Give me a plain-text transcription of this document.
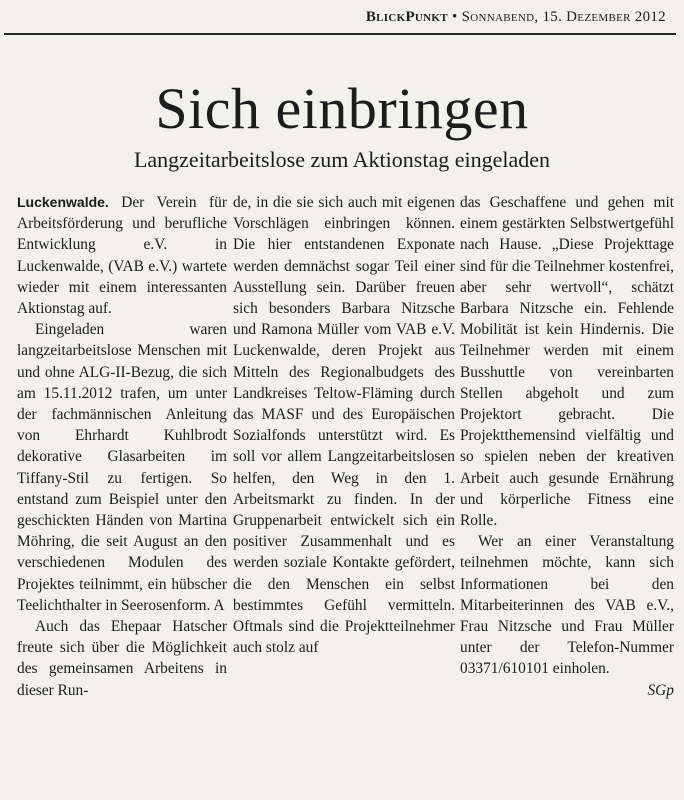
BlickPunkt • Sonnabend, 15. Dezember 2012
Sich einbringen
Langzeitarbeitslose zum Aktionstag eingeladen

Luckenwalde. Der Verein für Arbeitsförderung und berufliche Entwicklung e.V. in Luckenwalde, (VAB e.V.) wartete wieder mit einem interessanten Aktionstag auf.

Eingeladen waren langzeitarbeitslose Menschen mit und ohne ALG-II-Bezug, die sich am 15.11.2012 trafen, um unter der fachmännischen Anleitung von Ehrhardt Kuhlbrodt dekorative Glasarbeiten im Tiffany-Stil zu fertigen. So entstand zum Beispiel unter den geschickten Händen von Martina Möhring, die seit August an den verschiedenen Modulen des Projektes teilnimmt, ein hübscher Teelichthalter in Seerosenform. A

Auch das Ehepaar Hatscher freute sich über die Möglichkeit des gemeinsamen Arbeitens in dieser Run-

de, in die sie sich auch mit eigenen Vorschlägen einbringen können. Die hier entstandenen Exponate werden demnächst sogar Teil einer Ausstellung sein. Darüber freuen sich besonders Barbara Nitzsche und Ramona Müller vom VAB e.V. Luckenwalde, deren Projekt aus Mitteln des Regionalbudgets des Landkreises Teltow-Fläming durch das MASF und des Europäischen Sozialfonds unterstützt wird. Es soll vor allem Langzeitarbeitslosen helfen, den Weg in den 1. Arbeitsmarkt zu finden. In der Gruppenarbeit entwickelt sich ein positiver Zusammenhalt und es werden soziale Kontakte gefördert, die den Menschen ein selbst bestimmtes Gefühl vermitteln. Oftmals sind die Projektteilnehmer auch stolz auf

das Geschaffene und gehen mit einem gestärkten Selbstwertgefühl nach Hause. „Diese Projekttage sind für die Teilnehmer kostenfrei, aber sehr wertvoll“, schätzt Barbara Nitzsche ein. Fehlende Mobilität ist kein Hindernis. Die Teilnehmer werden mit einem Busshuttle von vereinbarten Stellen abgeholt und zum Projektort gebracht. Die Projektthemensind vielfältig und so spielen neben der kreativen Arbeit auch gesunde Ernährung und körperliche Fitness eine Rolle.

Wer an einer Veranstaltung teilnehmen möchte, kann sich Informationen bei den Mitarbeiterinnen des VAB e.V., Frau Nitzsche und Frau Müller unter der Telefon-Nummer 03371/610101 einholen.

SGp
